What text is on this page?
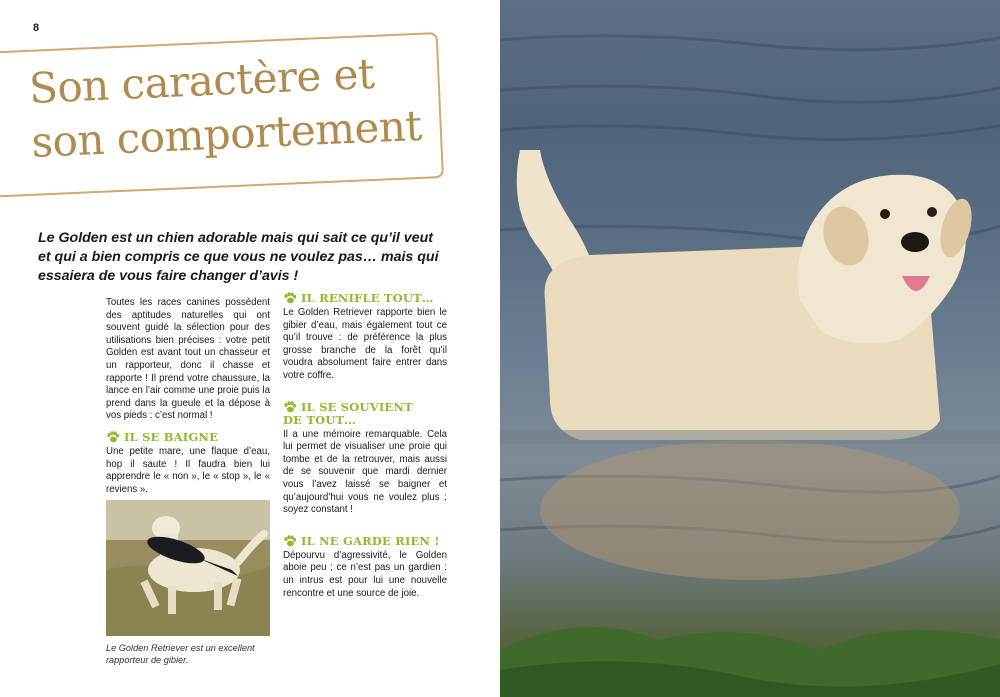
8
Son caractère et
son comportement
Le Golden est un chien adorable mais qui sait ce qu’il veut et qui a bien compris ce que vous ne voulez pas… mais qui essaiera de vous faire changer d’avis !

Toutes les races canines possèdent des aptitudes naturelles qui ont souvent guidé la sélection pour des utilisations bien précises : votre petit Golden est avant tout un chasseur et un rapporteur, donc il chasse et rapporte ! Il prend votre chaussure, la lance en l’air comme une proie puis la prend dans la gueule et la dépose à vos pieds : c’est normal !

IL SE BAIGNE

Une petite mare, une flaque d’eau, hop il saute ! Il faudra bien lui apprendre le « non », le « stop », le « reviens ».

Le Golden Retriever est un excellent rapporteur de gibier.
IL RENIFLE TOUT…

Le Golden Retriever rapporte bien le gibier d’eau, mais également tout ce qu’il trouve : de préférence la plus grosse branche de la forêt qu’il voudra absolument faire entrer dans votre coffre.

IL SE SOUVIENT
DE TOUT…

Il a une mémoire remarquable. Cela lui permet de visualiser une proie qui tombe et de la retrouver, mais aussi de se souvenir que mardi dernier vous l’avez laissé se baigner et qu’aujourd’hui vous ne voulez plus : soyez constant !

IL NE GARDE RIEN !

Dépourvu d’agressivité, le Golden aboie peu ; ce n’est pas un gardien : un intrus est pour lui une nouvelle rencontre et une source de joie.
